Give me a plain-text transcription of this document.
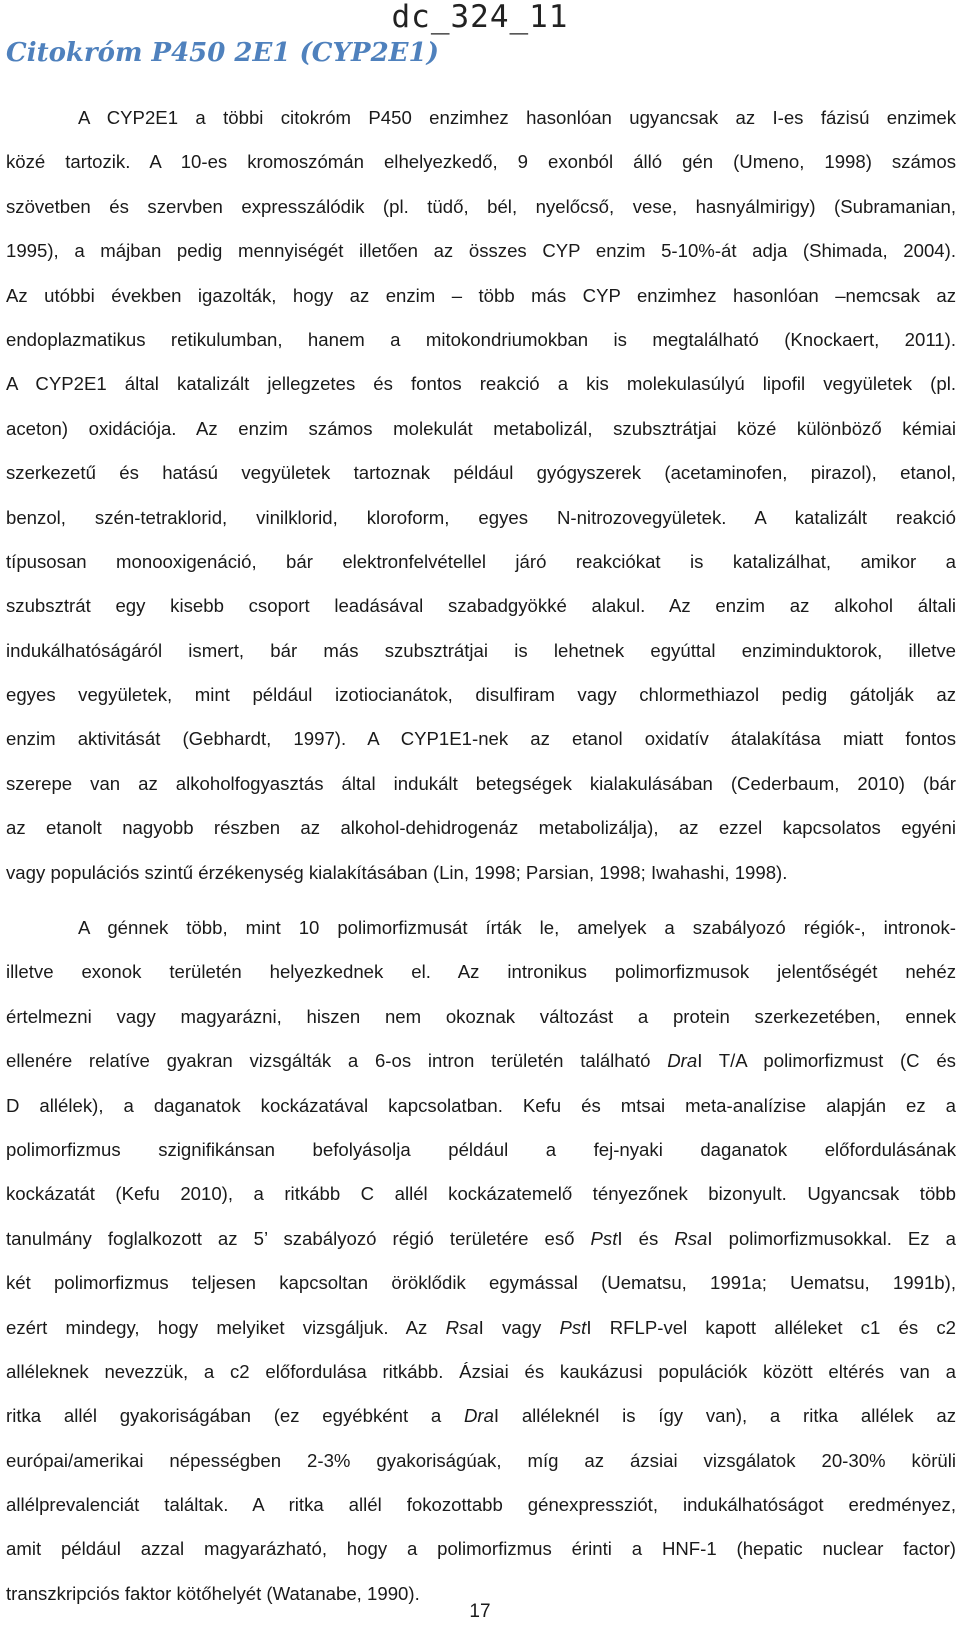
dc_324_11
Citokróm P450 2E1 (CYP2E1)
A CYP2E1 a többi citokróm P450 enzimhez hasonlóan ugyancsak az I-es fázisú enzimek
közé tartozik. A 10-es kromoszómán elhelyezkedő, 9 exonból álló gén (Umeno, 1998) számos
szövetben és szervben expresszálódik (pl. tüdő, bél, nyelőcső, vese, hasnyálmirigy) (Subramanian,
1995), a májban pedig mennyiségét illetően az összes CYP enzim 5-10%-át adja (Shimada, 2004).
Az utóbbi években igazolták, hogy az enzim – több más CYP enzimhez hasonlóan –nemcsak az
endoplazmatikus retikulumban, hanem a mitokondriumokban is megtalálható (Knockaert, 2011).
A CYP2E1 által katalizált jellegzetes és fontos reakció a kis molekulasúlyú lipofil vegyületek (pl.
aceton) oxidációja. Az enzim számos molekulát metabolizál, szubsztrátjai közé különböző kémiai
szerkezetű és hatású vegyületek tartoznak például gyógyszerek (acetaminofen, pirazol), etanol,
benzol, szén-tetraklorid, vinilklorid, kloroform, egyes N-nitrozovegyületek. A katalizált reakció
típusosan monooxigenáció, bár elektronfelvétellel járó reakciókat is katalizálhat, amikor a
szubsztrát egy kisebb csoport leadásával szabadgyökké alakul. Az enzim az alkohol általi
indukálhatóságáról ismert, bár más szubsztrátjai is lehetnek egyúttal enziminduktorok, illetve
egyes vegyületek, mint például izotiocianátok, disulfiram vagy chlormethiazol pedig gátolják az
enzim aktivitását (Gebhardt, 1997). A CYP1E1-nek az etanol oxidatív átalakítása miatt fontos
szerepe van az alkoholfogyasztás által indukált betegségek kialakulásában (Cederbaum, 2010) (bár
az etanolt nagyobb részben az alkohol-dehidrogenáz metabolizálja), az ezzel kapcsolatos egyéni
vagy populációs szintű érzékenység kialakításában (Lin, 1998; Parsian, 1998; Iwahashi, 1998).
A génnek több, mint 10 polimorfizmusát írták le, amelyek a szabályozó régiók-, intronok-
illetve exonok területén helyezkednek el. Az intronikus polimorfizmusok jelentőségét nehéz
értelmezni vagy magyarázni, hiszen nem okoznak változást a protein szerkezetében, ennek
ellenére relatíve gyakran vizsgálták a 6-os intron területén található DraI T/A polimorfizmust (C és
D allélek), a daganatok kockázatával kapcsolatban. Kefu és mtsai meta-analízise alapján ez a
polimorfizmus szignifikánsan befolyásolja például a fej-nyaki daganatok előfordulásának
kockázatát (Kefu 2010), a ritkább C allél kockázatemelő tényezőnek bizonyult. Ugyancsak több
tanulmány foglalkozott az 5’ szabályozó régió területére eső PstI és RsaI polimorfizmusokkal. Ez a
két polimorfizmus teljesen kapcsoltan öröklődik egymással (Uematsu, 1991a; Uematsu, 1991b),
ezért mindegy, hogy melyiket vizsgáljuk. Az RsaI vagy PstI RFLP-vel kapott alléleket c1 és c2
alléleknek nevezzük, a c2 előfordulása ritkább. Ázsiai és kaukázusi populációk között eltérés van a
ritka allél gyakoriságában (ez egyébként a DraI alléleknél is így van), a ritka allélek az
európai/amerikai népességben 2-3% gyakoriságúak, míg az ázsiai vizsgálatok 20-30% körüli
allélprevalenciát találtak. A ritka allél fokozottabb génexpressziót, indukálhatóságot eredményez,
amit például azzal magyarázható, hogy a polimorfizmus érinti a HNF-1 (hepatic nuclear factor)
transzkripciós faktor kötőhelyét (Watanabe, 1990).
17
